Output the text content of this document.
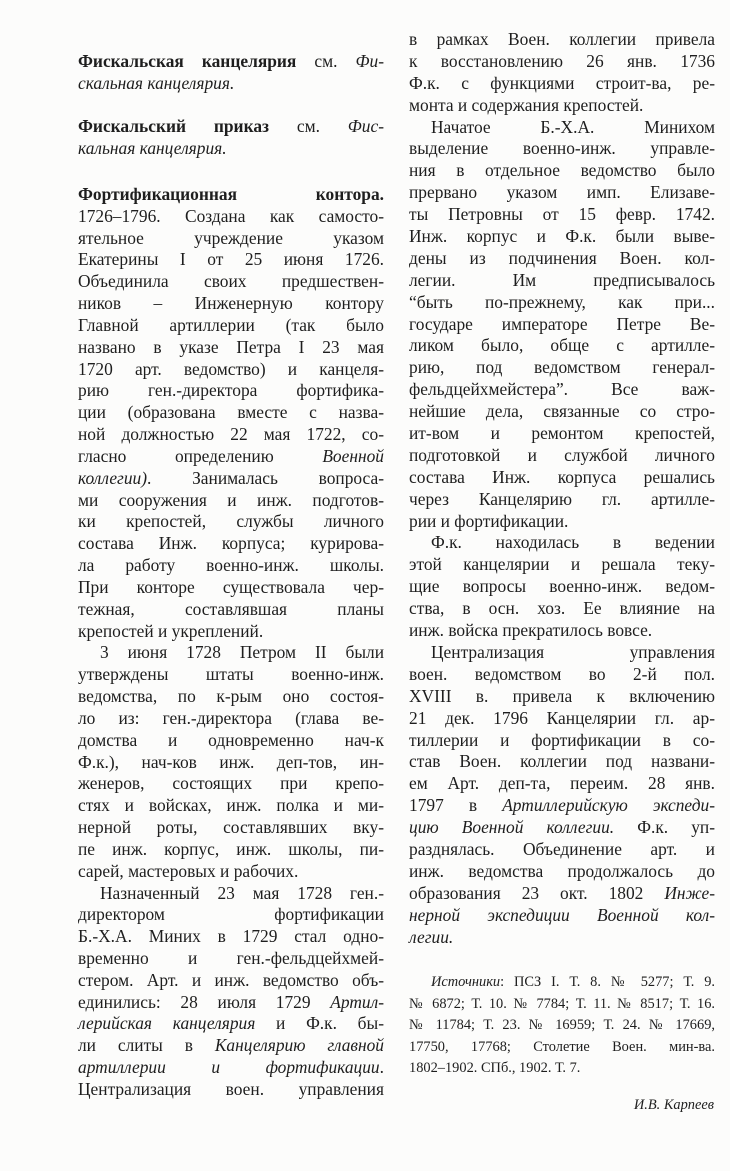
Фискальская канцелярия см. Фи-
скальная канцелярия.
Фискальский приказ см. Фис-
кальная канцелярия.
Фортификационная контора.
1726–1796. Создана как самосто-
ятельное учреждение указом
Екатерины I от 25 июня 1726.
Объединила своих предшествен-
ников – Инженерную контору
Главной артиллерии (так было
названо в указе Петра I 23 мая
1720 арт. ведомство) и канцеля-
рию ген.-директора фортифика-
ции (образована вместе с назва-
ной должностью 22 мая 1722, со-
гласно определению Военной
коллегии). Занималась вопроса-
ми сооружения и инж. подготов-
ки крепостей, службы личного
состава Инж. корпуса; курирова-
ла работу военно-инж. школы.
При конторе существовала чер-
тежная, составлявшая планы
крепостей и укреплений.
3 июня 1728 Петром II были
утверждены штаты военно-инж.
ведомства, по к-рым оно состоя-
ло из: ген.-директора (глава ве-
домства и одновременно нач-к
Ф.к.), нач-ков инж. деп-тов, ин-
женеров, состоящих при крепо-
стях и войсках, инж. полка и ми-
нерной роты, составлявших вку-
пе инж. корпус, инж. школы, пи-
сарей, мастеровых и рабочих.
Назначенный 23 мая 1728 ген.-
директором фортификации
Б.-Х.А. Миних в 1729 стал одно-
временно и ген.-фельдцейхмей-
стером. Арт. и инж. ведомство объ-
единились: 28 июля 1729 Артил-
лерийская канцелярия и Ф.к. бы-
ли слиты в Канцелярию главной
артиллерии и фортификации.
Централизация воен. управления
в рамках Воен. коллегии привела
к восстановлению 26 янв. 1736
Ф.к. с функциями строит-ва, ре-
монта и содержания крепостей.
Начатое Б.-Х.А. Минихом
выделение военно-инж. управле-
ния в отдельное ведомство было
прервано указом имп. Елизаве-
ты Петровны от 15 февр. 1742.
Инж. корпус и Ф.к. были выве-
дены из подчинения Воен. кол-
легии. Им предписывалось
“быть по-прежнему, как при...
государе императоре Петре Ве-
ликом было, обще с артилле-
рию, под ведомством генерал-
фельдцейхмейстера”. Все важ-
нейшие дела, связанные со стро-
ит-вом и ремонтом крепостей,
подготовкой и службой личного
состава Инж. корпуса решались
через Канцелярию гл. артилле-
рии и фортификации.
Ф.к. находилась в ведении
этой канцелярии и решала теку-
щие вопросы военно-инж. ведом-
ства, в осн. хоз. Ее влияние на
инж. войска прекратилось вовсе.
Централизация управления
воен. ведомством во 2-й пол.
XVIII в. привела к включению
21 дек. 1796 Канцелярии гл. ар-
тиллерии и фортификации в со-
став Воен. коллегии под названи-
ем Арт. деп-та, переим. 28 янв.
1797 в Артиллерийскую экспеди-
цию Военной коллегии. Ф.к. уп-
разднялась. Объединение арт. и
инж. ведомства продолжалось до
образования 23 окт. 1802 Инже-
нерной экспедиции Военной кол-
легии.
Источники: ПСЗ I. Т. 8. № 5277; Т. 9.
№ 6872; Т. 10. № 7784; Т. 11. № 8517; Т. 16.
№ 11784; Т. 23. № 16959; Т. 24. № 17669,
17750, 17768; Столетие Воен. мин-ва.
1802–1902. СПб., 1902. Т. 7.
И.В. Карпеев
